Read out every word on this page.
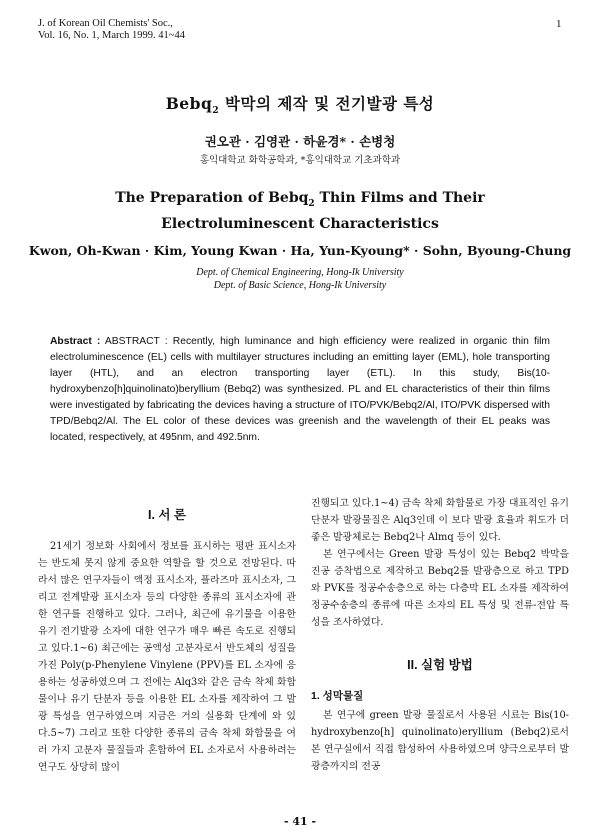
J. of Korean Oil Chemists' Soc.,
Vol. 16, No. 1, March 1999. 41~44
1
Bebq$_2$ 박막의 제작 및 전기발광 특성
권오관 · 김영관 · 하윤경* · 손병청
홍익대학교 화학공학과, *홍익대학교 기초과학과
The Preparation of Bebq$_2$ Thin Films and Their Electroluminescent Characteristics
Kwon, Oh-Kwan · Kim, Young Kwan · Ha, Yun-Kyoung* · Sohn, Byoung-Chung
Dept. of Chemical Engineering, Hong-Ik University
Dept. of Basic Science, Hong-Ik University
Abstract : ABSTRACT : Recently, high luminance and high efficiency were realized in organic thin film electroluminescence (EL) cells with multilayer structures including an emitting layer (EML), hole transporting layer (HTL), and an electron transporting layer (ETL). In this study, Bis(10-hydroxybenzo[h]quinolinato)beryllium (Bebq2) was synthesized. PL and EL characteristics of their thin films were investigated by fabricating the devices having a structure of ITO/PVK/Bebq2/Al, ITO/PVK dispersed with TPD/Bebq2/Al. The EL color of these devices was greenish and the wavelength of their EL peaks was located, respectively, at 495nm, and 492.5nm.
I. 서 론

21세기 정보화 사회에서 정보를 표시하는 평판 표시소자는 반도체 못지 않게 중요한 역할을 할 것으로 전망된다. 따라서 많은 연구자들이 액정 표시소자, 플라즈마 표시소자, 그리고 전계발광 표시소자 등의 다양한 종류의 표시소자에 관한 연구를 진행하고 있다. 그러나, 최근에 유기물을 이용한 유기 전기발광 소자에 대한 연구가 매우 빠른 속도로 진행되고 있다.1~6) 최근에는 공액성 고분자로서 반도체의 성질을 가진 Poly(p-Phenylene Vinylene (PPV)를 EL 소자에 응용하는 성공하였으며 그 전에는 Alq3와 같은 금속 착체 화합물이나 유기 단분자 등을 이용한 EL 소자를 제작하여 그 발광 특성을 연구하였으며 지금은 거의 실용화 단계에 와 있다.5~7) 그리고 또한 다양한 종류의 금속 착체 화합물을 여러 가지 고분자 물질들과 혼합하여 EL 소자로서 사용하려는 연구도 상당히 많이

진행되고 있다.1~4) 금속 착체 화합물로 가장 대표적인 유기 단분자 발광물질은 Alq3인데 이 보다 발광 효율과 휘도가 더 좋은 발광체로는 Bebq2나 Almq 등이 있다.

본 연구에서는 Green 발광 특성이 있는 Bebq2 박막을 진공 증착법으로 제작하고 Bebq2를 발광층으로 하고 TPD와 PVK를 정공수송층으로 하는 다층막 EL 소자를 제작하여 정공수송층의 종류에 따른 소자의 EL 특성 및 전류-전압 특성을 조사하였다.

II. 실험 방법
1. 성막물질

본 연구에 green 발광 물질로서 사용된 시료는 Bis(10-hydroxybenzo[h] quinolinato)eryllium (Bebq2)로서 본 연구실에서 직접 합성하여 사용하였으며 양극으로부터 발광층까지의 전공

- 41 -
